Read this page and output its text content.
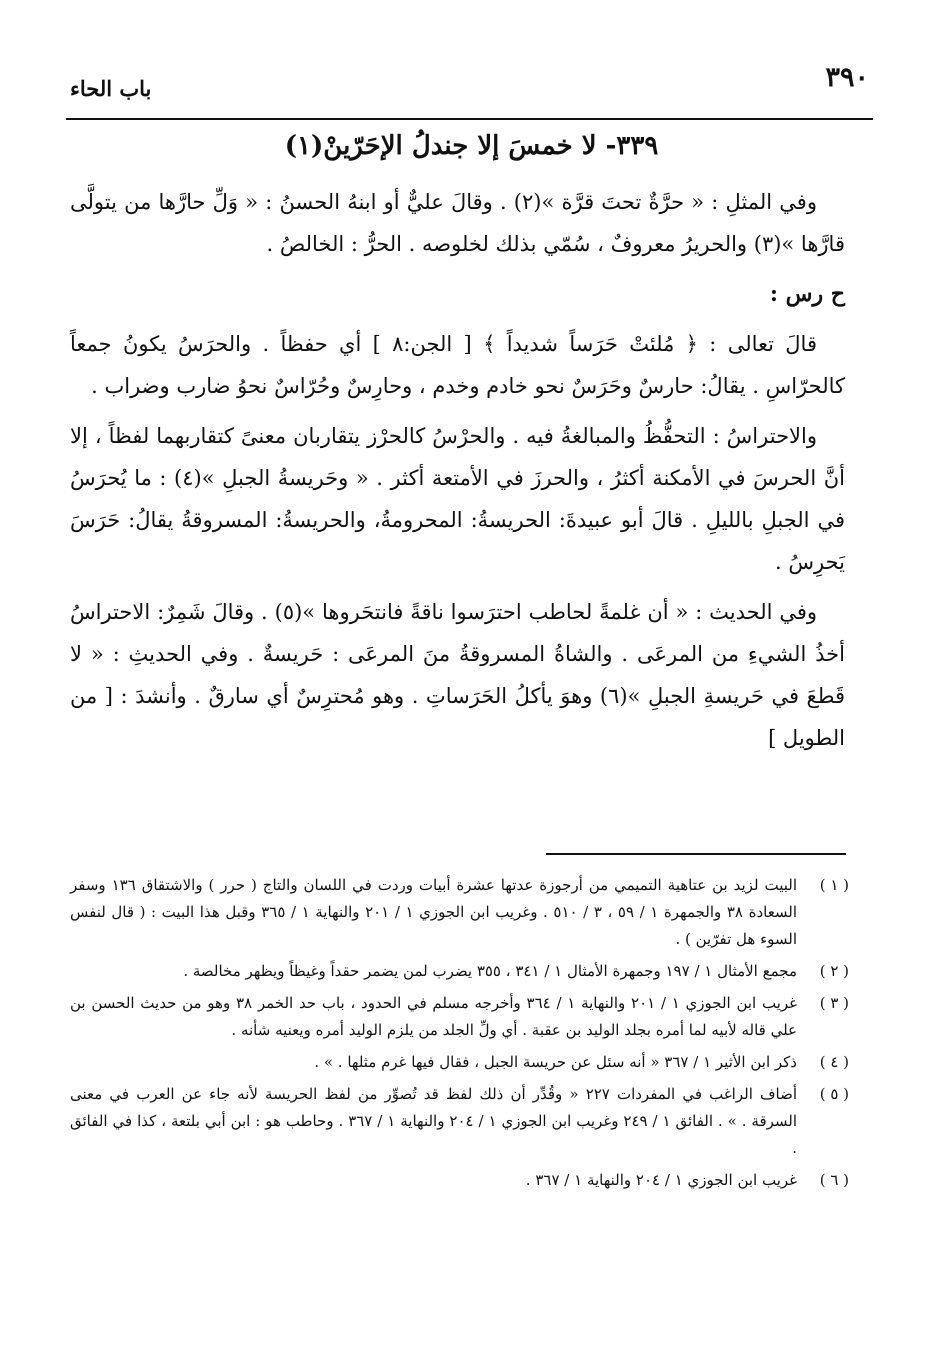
٣٩٠
باب الحاء
٣٣٩- لا خمسَ إلا جندلُ الإحَرّينْ(١)

وفي المثلِ : « حرَّةٌ تحتَ قرَّة »(٢) . وقالَ عليٌّ أو ابنهُ الحسنُ : « وَلِّ حارَّها من يتولَّى قارَّها »(٣) والحريرُ معروفٌ ، سُمّي بذلك لخلوصه . الحرُّ : الخالصُ .

ح رس :

قالَ تعالى : ﴿ مُلئتْ حَرَساً شديداً ﴾ [ الجن:٨ ] أي حفظاً . والحرَسُ يكونُ جمعاً كالحرّاسِ . يقالُ: حارسٌ وحَرَسٌ نحو خادم وخدم ، وحارِسٌ وحُرّاسٌ نحوُ ضارب وضراب .

والاحتراسُ : التحفُّظُ والمبالغةُ فيه . والحرْسُ كالحرْز يتقاربان معنىً كتقاربهما لفظاً ، إلا أنَّ الحرسَ في الأمكنة أكثرُ ، والحرزَ في الأمتعة أكثر . « وحَريسةُ الجبلِ »(٤) : ما يُحرَسُ في الجبلِ بالليلِ . قالَ أبو عبيدةَ: الحريسةُ: المحرومةُ، والحريسةُ: المسروقةُ يقالُ: حَرَسَ يَحرِسُ .

وفي الحديث : « أن غلمةً لحاطب احترَسوا ناقةً فانتحَروها »(٥) . وقالَ شَمِرٌ: الاحتراسُ أخذُ الشيءِ من المرعَى . والشاةُ المسروقةُ منَ المرعَى : حَريسةٌ . وفي الحديثِ : « لا قَطعَ في حَريسةِ الجبلِ »(٦) وهوَ يأكلُ الحَرَساتِ . وهو مُحترِسٌ أي سارقٌ . وأنشدَ : [ من الطويل ]

( ١ )
البيت لزيد بن عتاهية التميمي من أرجوزة عدتها عشرة أبيات وردت في اللسان والتاج ( حرر ) والاشتقاق ١٣٦ وسفر السعادة ٣٨ والجمهرة ١ / ٥٩ ، ٣ / ٥١٠ . وغريب ابن الجوزي ١ / ٢٠١ والنهاية ١ / ٣٦٥ وقبل هذا البيت : ( قال لنفس السوء هل تفرّين ) .
( ٢ )
مجمع الأمثال ١ / ١٩٧ وجمهرة الأمثال ١ / ٣٤١ ، ٣٥٥ يضرب لمن يضمر حقداً وغيظاً ويظهر مخالصة .
( ٣ )
غريب ابن الجوزي ١ / ٢٠١ والنهاية ١ / ٣٦٤ وأخرجه مسلم في الحدود ، باب حد الخمر ٣٨ وهو من حديث الحسن بن علي قاله لأبيه لما أمره بجلد الوليد بن عقبة . أي ولِّ الجلد من يلزم الوليد أمره ويعنيه شأنه .
( ٤ )
ذكر ابن الأثير ١ / ٣٦٧ « أنه سئل عن حريسة الجبل ، فقال فيها غرم مثلها . » .
( ٥ )
أضاف الراغب في المفردات ٢٢٧ « وقُدِّر أن ذلك لفظ قد تُصوِّر من لفظ الحريسة لأنه جاء عن العرب في معنى السرقة . » . الفائق ١ / ٢٤٩ وغريب ابن الجوزي ١ / ٢٠٤ والنهاية ١ / ٣٦٧ . وحاطب هو : ابن أبي بلتعة ، كذا في الفائق .
( ٦ )
غريب ابن الجوزي ١ / ٢٠٤ والنهاية ١ / ٣٦٧ .
